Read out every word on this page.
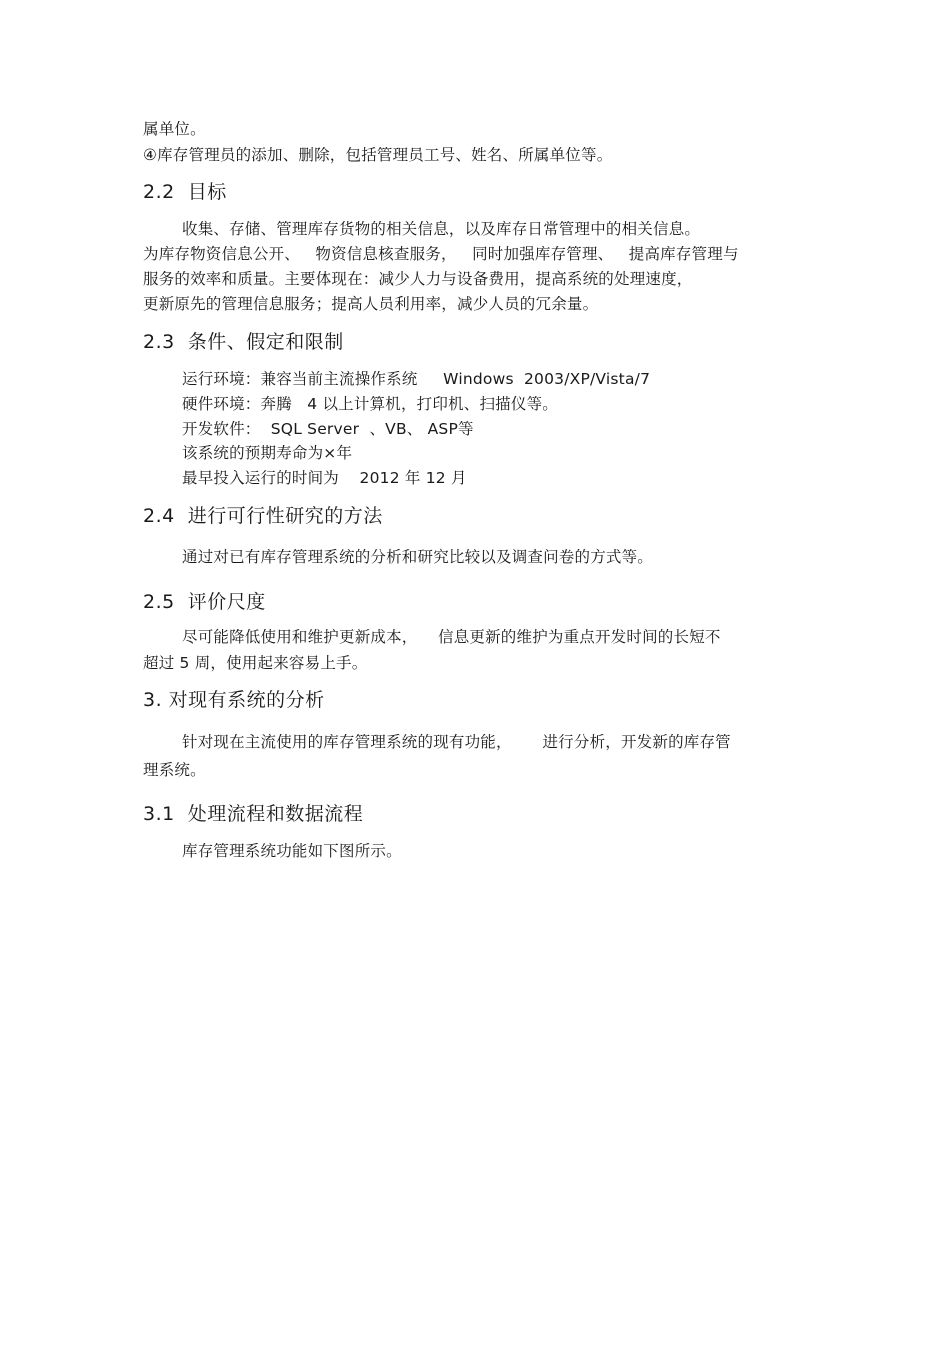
属单位。
④库存管理员的添加、删除，包括管理员工号、姓名、所属单位等。
2.2  目标
收集、存储、管理库存货物的相关信息，以及库存日常管理中的相关信息。
为库存物资信息公开、   物资信息核查服务，   同时加强库存管理、   提高库存管理与
服务的效率和质量。主要体现在：减少人力与设备费用，提高系统的处理速度，
更新原先的管理信息服务；提高人员利用率，减少人员的冗余量。
2.3  条件、假定和限制
运行环境：兼容当前主流操作系统     Windows  2003/XP/Vista/7
硬件环境：奔腾   4 以上计算机，打印机、扫描仪等。
开发软件：  SQL Server  、VB、 ASP等
该系统的预期寿命为×年
最早投入运行的时间为    2012 年 12 月
2.4  进行可行性研究的方法
通过对已有库存管理系统的分析和研究比较以及调查问卷的方式等。
2.5  评价尺度
尽可能降低使用和维护更新成本，    信息更新的维护为重点开发时间的长短不
超过 5 周，使用起来容易上手。
3. 对现有系统的分析
针对现在主流使用的库存管理系统的现有功能，      进行分析，开发新的库存管
理系统。
3.1  处理流程和数据流程
库存管理系统功能如下图所示。
